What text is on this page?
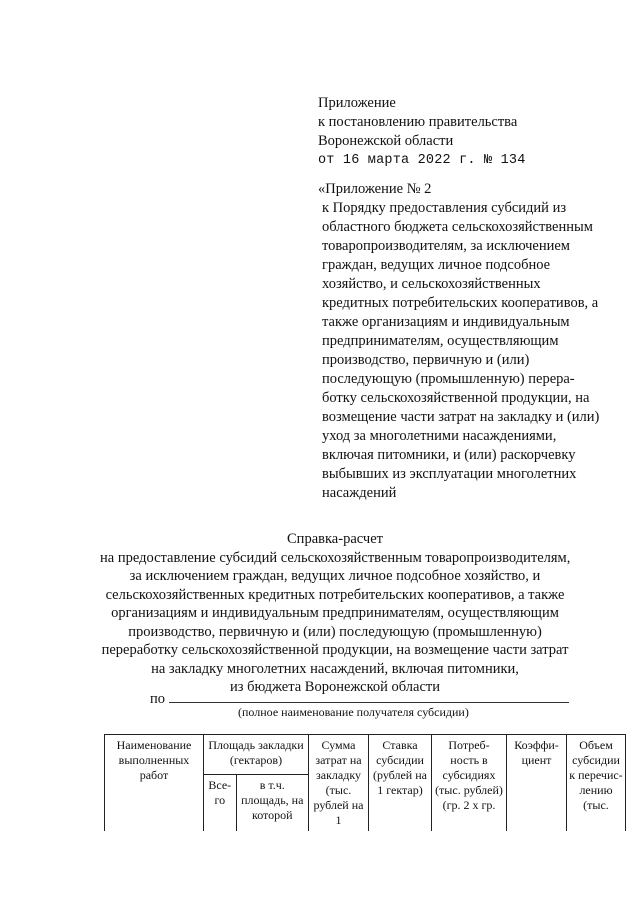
Приложение
к постановлению правительства
Воронежской области
от 16 марта 2022 г. № 134
«Приложение № 2
к Порядку предоставления субсидий из
областного бюджета сельскохозяйственным
товаропроизводителям, за исключением
граждан, ведущих личное подсобное
хозяйство, и сельскохозяйственных
кредитных потребительских кооперативов, а
также организациям и индивидуальным
предпринимателям, осуществляющим
производство, первичную и (или)
последующую (промышленную) перера-
ботку сельскохозяйственной продукции, на
возмещение части затрат на закладку и (или)
уход за многолетними насаждениями,
включая питомники, и (или) раскорчевку
выбывших из эксплуатации многолетних
насаждений
Справка-расчет
на предоставление субсидий сельскохозяйственным товаропроизводителям,
за исключением граждан, ведущих личное подсобное хозяйство, и
сельскохозяйственных кредитных потребительских кооперативов, а также
организациям и индивидуальным предпринимателям, осуществляющим
производство, первичную и (или) последующую (промышленную)
переработку сельскохозяйственной продукции, на возмещение части затрат
на закладку многолетних насаждений, включая питомники,
из бюджета Воронежской области
по
(полное наименование получателя субсидии)
Наименование выполненных работ	Площадь закладки (гектаров)		Сумма затрат на закладку (тыс. рублей на 1	Ставка субсидии (рублей на 1 гектар)	Потреб-ность в субсидиях (тыс. рублей) (гр. 2 х гр.	Коэффи-циент	Объем субсидии к перечис-лению (тыс.
	Все-го	в т.ч. площадь, на которой					
